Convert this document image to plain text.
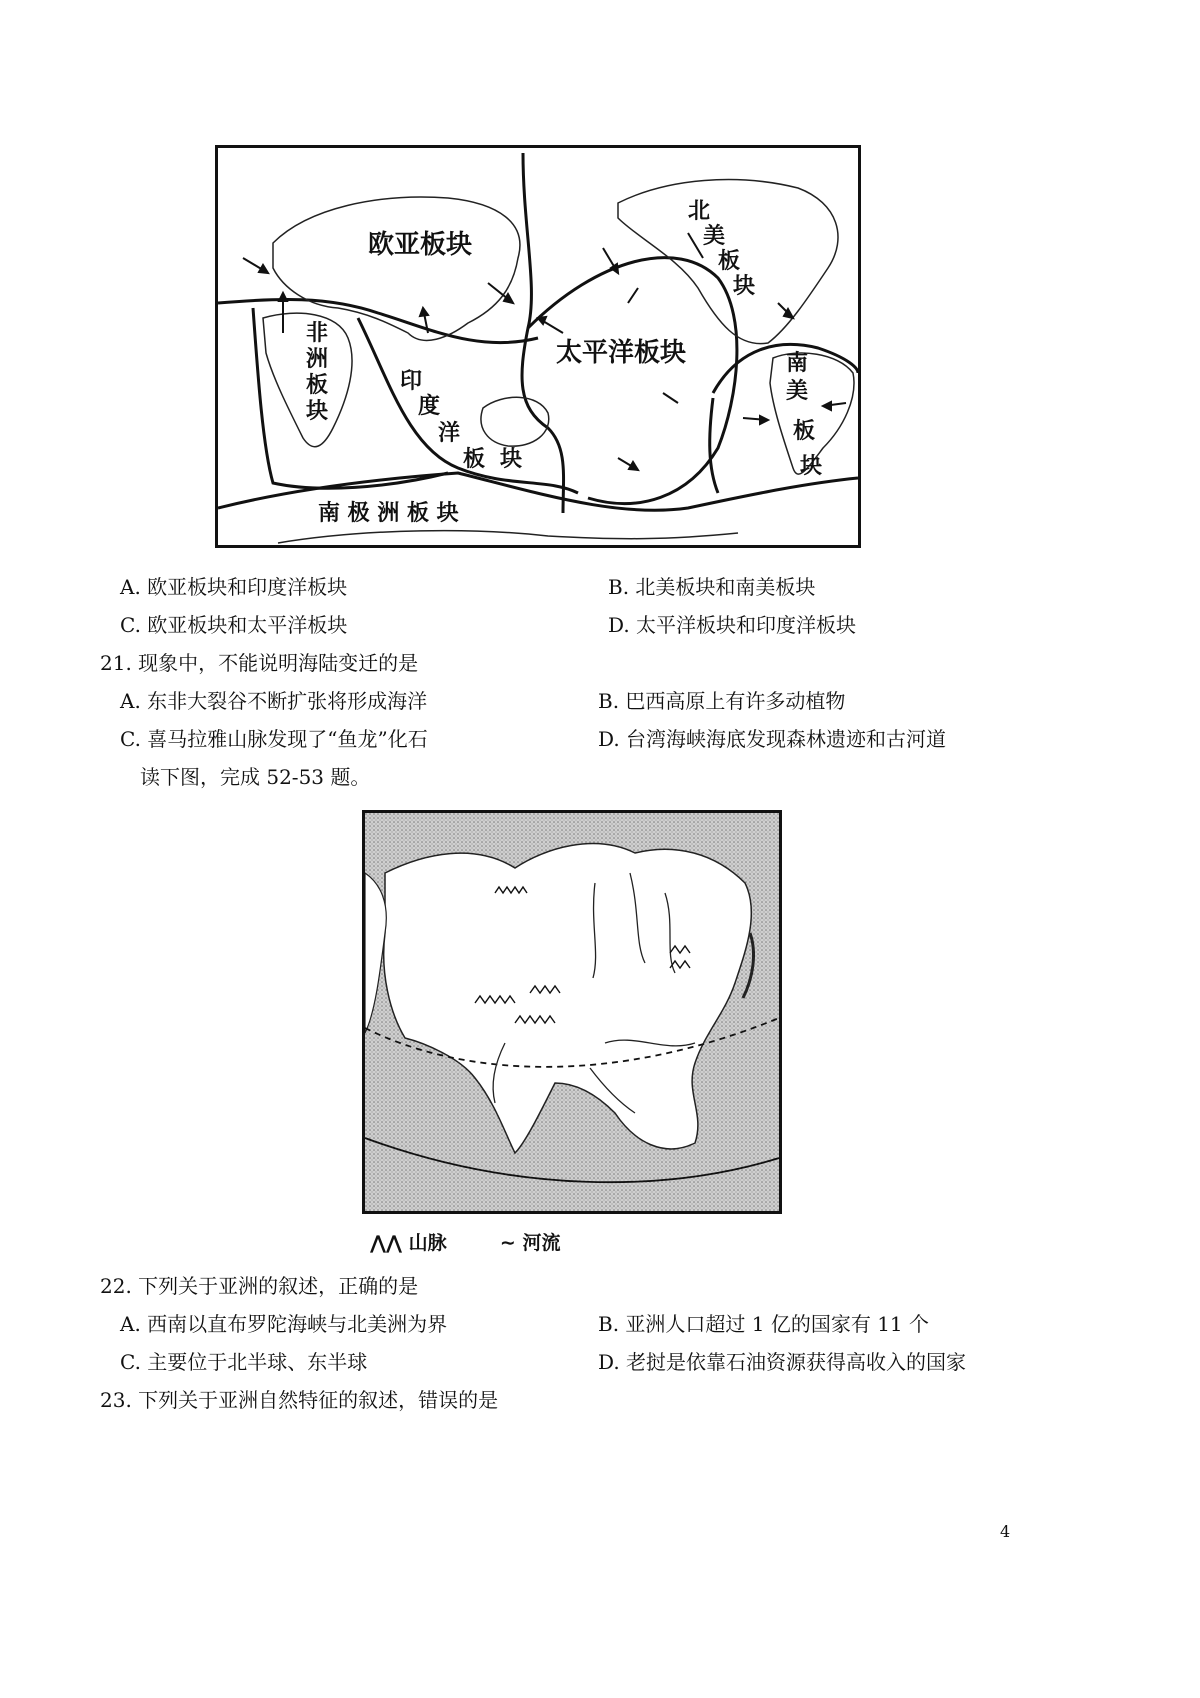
欧亚板块
北
美
板
块
非
洲
板
块
印
度
洋
板 块
太平洋板块	南
美
板
块
南 极 洲 板 块
A. 欧亚板块和印度洋板块	B. 北美板块和南美板块
C. 欧亚板块和太平洋板块	D. 太平洋板块和印度洋板块
21. 现象中，不能说明海陆变迁的是
A. 东非大裂谷不断扩张将形成海洋	B. 巴西高原上有许多动植物
C. 喜马拉雅山脉发现了“鱼龙”化石	D. 台湾海峡海底发现森林遗迹和古河道
读下图，完成 52-53 题。
⋀⋀ 山脉	∼ 河流
22. 下列关于亚洲的叙述，正确的是
A. 西南以直布罗陀海峡与北美洲为界	B. 亚洲人口超过 1 亿的国家有 11 个
C. 主要位于北半球、东半球	D. 老挝是依靠石油资源获得高收入的国家
23. 下列关于亚洲自然特征的叙述，错误的是
4
